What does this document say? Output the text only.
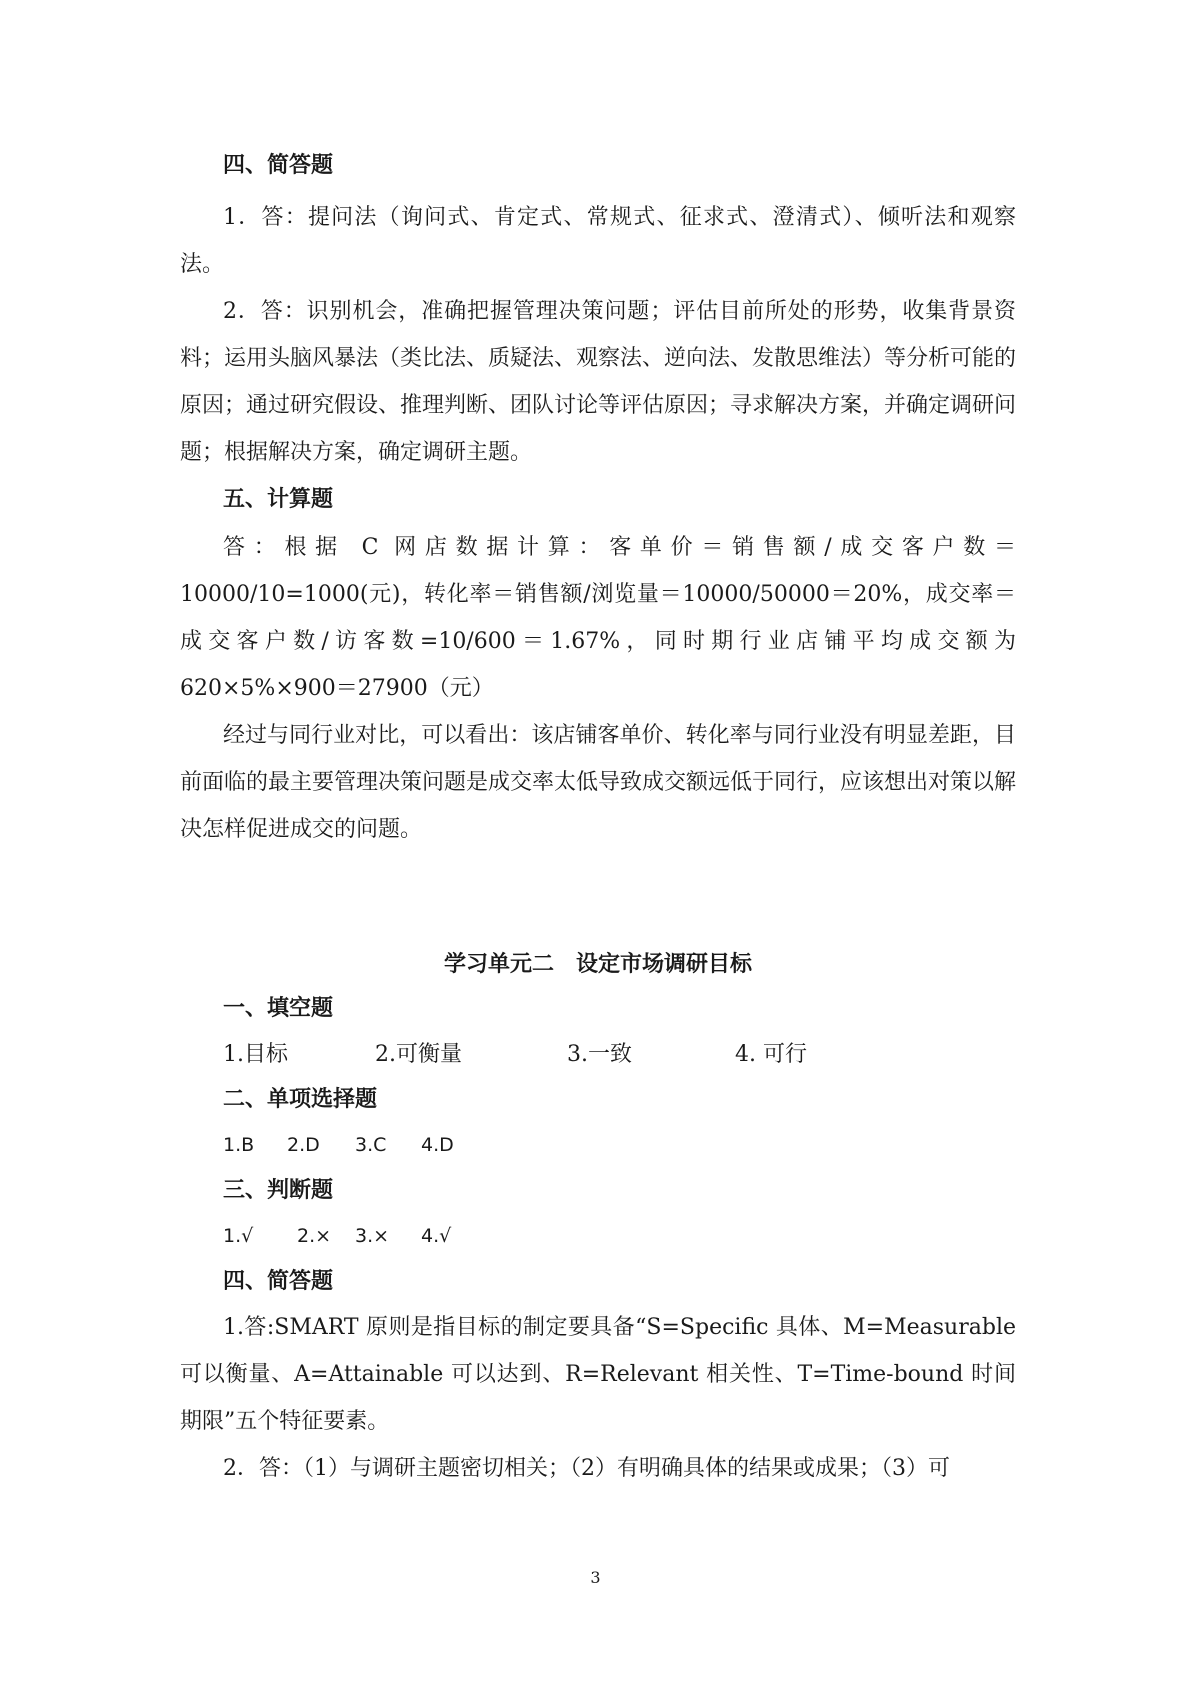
四、简答题

1．答：提问法（询问式、肯定式、常规式、征求式、澄清式）、倾听法和观察法。

2．答：识别机会，准确把握管理决策问题；评估目前所处的形势，收集背景资料；运用头脑风暴法（类比法、质疑法、观察法、逆向法、发散思维法）等分析可能的原因；通过研究假设、推理判断、团队讨论等评估原因；寻求解决方案，并确定调研问题；根据解决方案，确定调研主题。

五、计算题

答：根据 C 网店数据计算：客单价＝销售额/成交客户数＝10000/10=1000(元)，转化率＝销售额/浏览量＝10000/50000＝20%，成交率＝成交客户数/访客数=10/600＝1.67%，同时期行业店铺平均成交额为 620×5%×900＝27900（元）

经过与同行业对比，可以看出：该店铺客单价、转化率与同行业没有明显差距，目前面临的最主要管理决策问题是成交率太低导致成交额远低于同行，应该想出对策以解决怎样促进成交的问题。

学习单元二　设定市场调研目标
一、填空题
1.目标	2.可衡量	3.一致	4. 可行
二、单项选择题
1.B 2.D 3.C 4.D
三、判断题
1.√ 2.× 3.× 4.√
四、简答题

1.答:SMART 原则是指目标的制定要具备“S=Specific 具体、M=Measurable 可以衡量、A=Attainable 可以达到、R=Relevant 相关性、T=Time-bound 时间期限”五个特征要素。

2．答：（1）与调研主题密切相关；（2）有明确具体的结果或成果；（3）可

3
